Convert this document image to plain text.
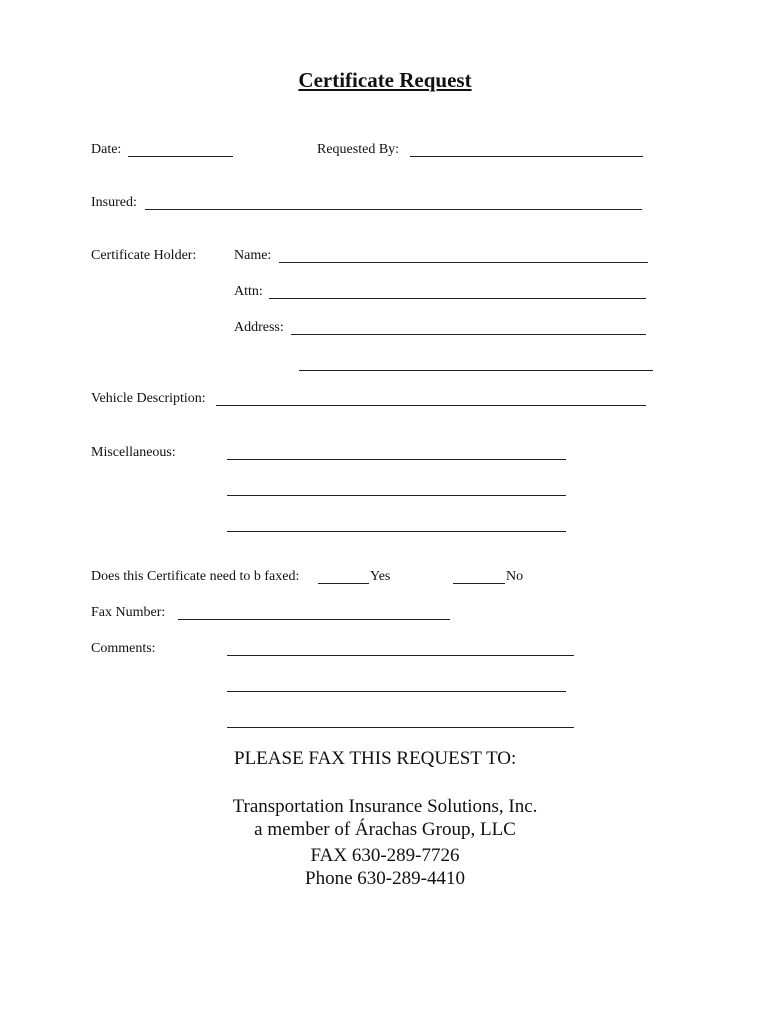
Certificate Request
Date:	Requested By:
Insured:
Certificate Holder:	Name:
Attn:
Address:
Vehicle Description:
Miscellaneous:
Does this Certificate need to b faxed:	Yes	No
Fax Number:
Comments:
PLEASE FAX THIS REQUEST TO:
Transportation Insurance Solutions, Inc.
a member of Árachas Group, LLC
FAX 630-289-7726
Phone 630-289-4410
